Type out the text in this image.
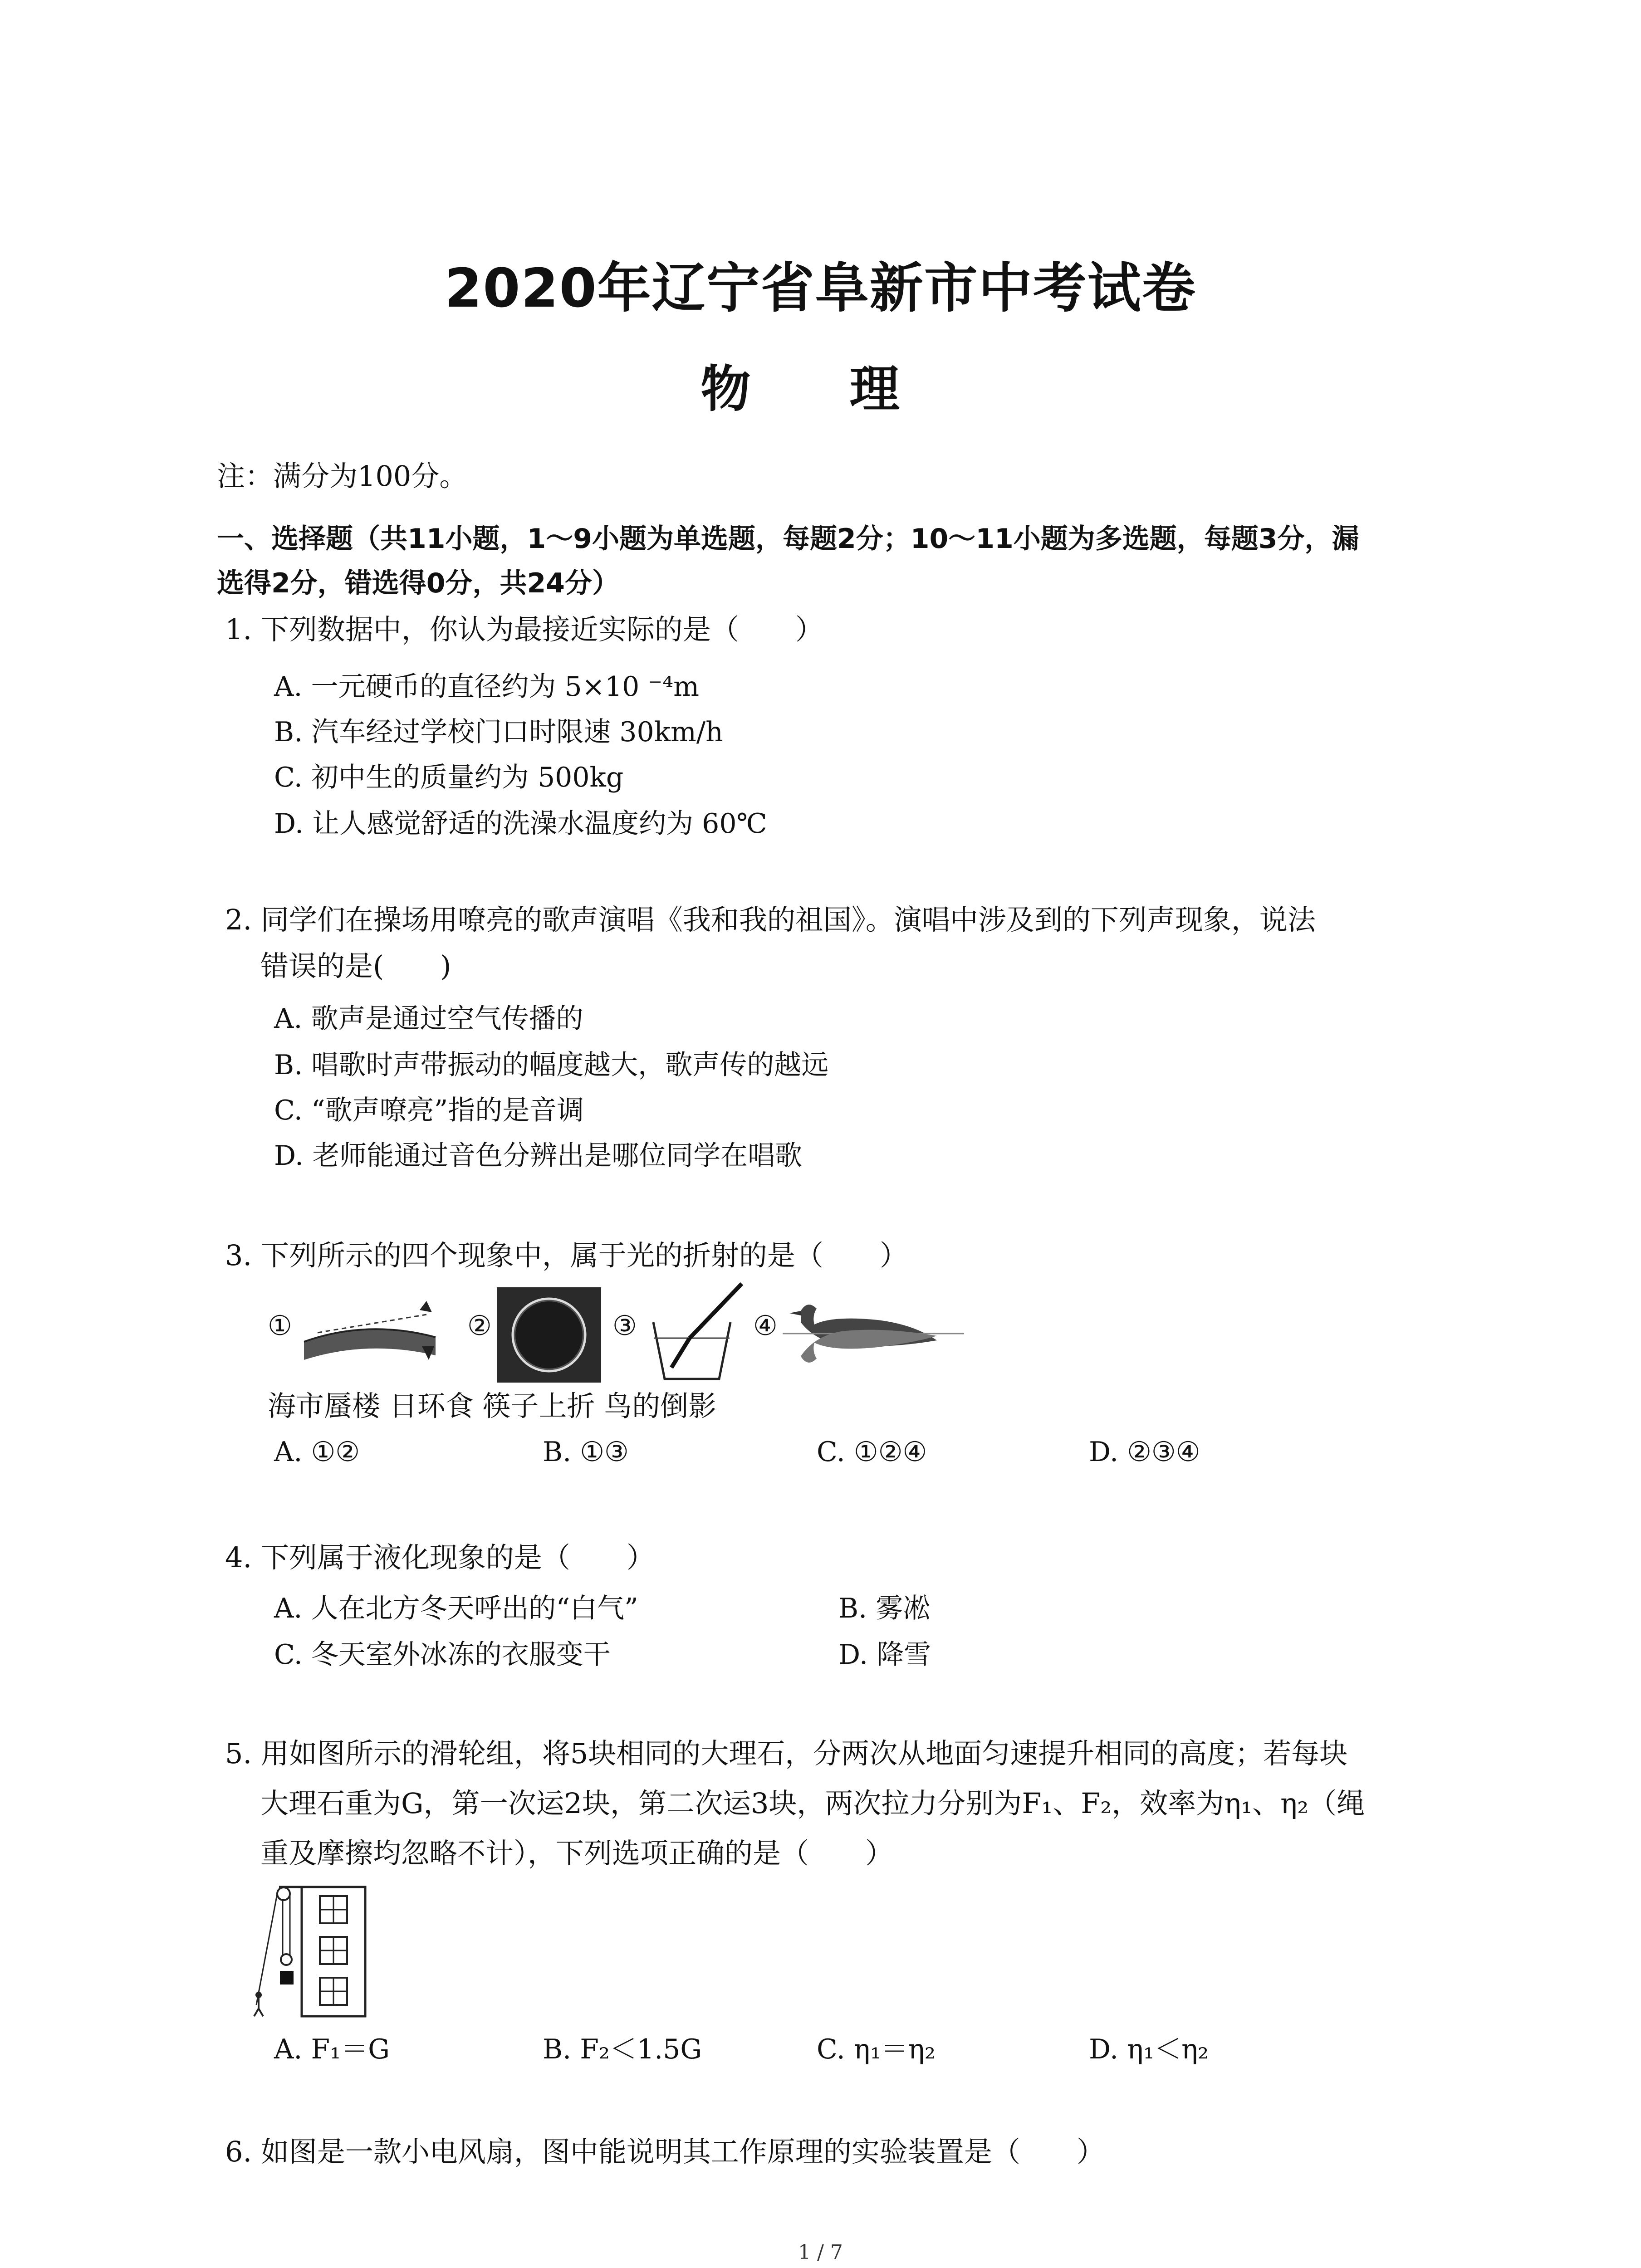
2020年辽宁省阜新市中考试卷
物 理
注：满分为100分。
一、选择题（共11小题，1～9小题为单选题，每题2分；10～11小题为多选题，每题3分，漏
选得2分，错选得0分，共24分）
1. 下列数据中，你认为最接近实际的是（　　）
A. 一元硬币的直径约为 5×10 ⁻⁴m
B. 汽车经过学校门口时限速 30km/h
C. 初中生的质量约为 500kg
D. 让人感觉舒适的洗澡水温度约为 60℃
2. 同学们在操场用嘹亮的歌声演唱《我和我的祖国》。演唱中涉及到的下列声现象，说法
错误的是(　　)
A. 歌声是通过空气传播的
B. 唱歌时声带振动的幅度越大，歌声传的越远
C. “歌声嘹亮”指的是音调
D. 老师能通过音色分辨出是哪位同学在唱歌
3. 下列所示的四个现象中，属于光的折射的是（　　）
①	②	③	④
海市蜃楼 日环食 筷子上折 鸟的倒影
A. ①②	B. ①③	C. ①②④	D. ②③④
4. 下列属于液化现象的是（　　）
A. 人在北方冬天呼出的“白气”	B. 雾凇
C. 冬天室外冰冻的衣服变干	D. 降雪
5. 用如图所示的滑轮组，将5块相同的大理石，分两次从地面匀速提升相同的高度；若每块
大理石重为G，第一次运2块，第二次运3块，两次拉力分别为F₁、F₂，效率为η₁、η₂（绳
重及摩擦均忽略不计），下列选项正确的是（　　）
A. F₁＝G	B. F₂＜1.5G	C. η₁＝η₂	D. η₁＜η₂
6. 如图是一款小电风扇，图中能说明其工作原理的实验装置是（　　）
1 / 7
